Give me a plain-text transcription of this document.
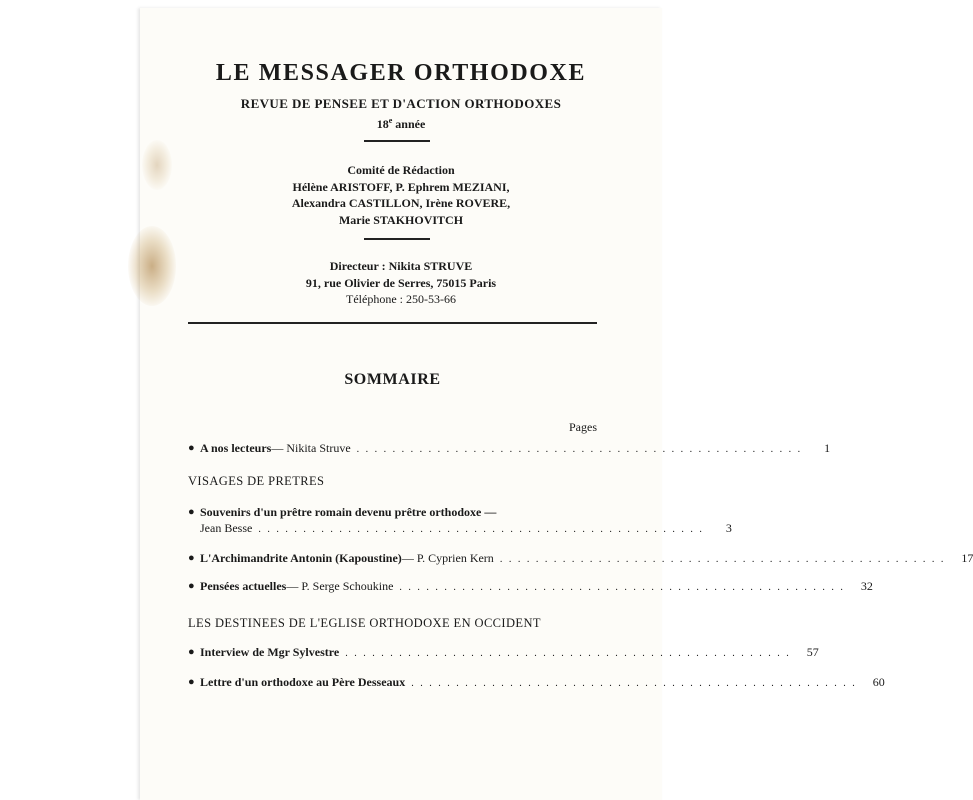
LE MESSAGER ORTHODOXE
REVUE DE PENSEE ET D'ACTION ORTHODOXES
18e année
Comité de Rédaction
Hélène ARISTOFF, P. Ephrem MEZIANI,
Alexandra CASTILLON, Irène ROVERE,
Marie STAKHOVITCH
Directeur : Nikita STRUVE
91, rue Olivier de Serres, 75015 Paris
Téléphone : 250-53-66
SOMMAIRE
Pages
● A nos lecteurs — Nikita Struve . . . . . . . . . . . . . . . . . . . . . . . . . . . . . . . . . . . . . . . . . . . . . . . . . .	1
VISAGES DE PRETRES
● Souvenirs d'un prêtre romain devenu prêtre orthodoxe —
Jean Besse . . . . . . . . . . . . . . . . . . . . . . . . . . . . . . . . . . . . . . . . . . . . . . . . . .	3
● L'Archimandrite Antonin (Kapoustine) — P. Cyprien Kern . . . . . . . . . . . . . . . . . . . . . . . . . . . . . . . . . . . . . . . . . . . . . . . . . .	17
● Pensées actuelles — P. Serge Schoukine . . . . . . . . . . . . . . . . . . . . . . . . . . . . . . . . . . . . . . . . . . . . . . . . . .	32
LES DESTINEES DE L'EGLISE ORTHODOXE EN OCCIDENT
● Interview de Mgr Sylvestre . . . . . . . . . . . . . . . . . . . . . . . . . . . . . . . . . . . . . . . . . . . . . . . . . .	57
● Lettre d'un orthodoxe au Père Desseaux . . . . . . . . . . . . . . . . . . . . . . . . . . . . . . . . . . . . . . . . . . . . . . . . . .	60
